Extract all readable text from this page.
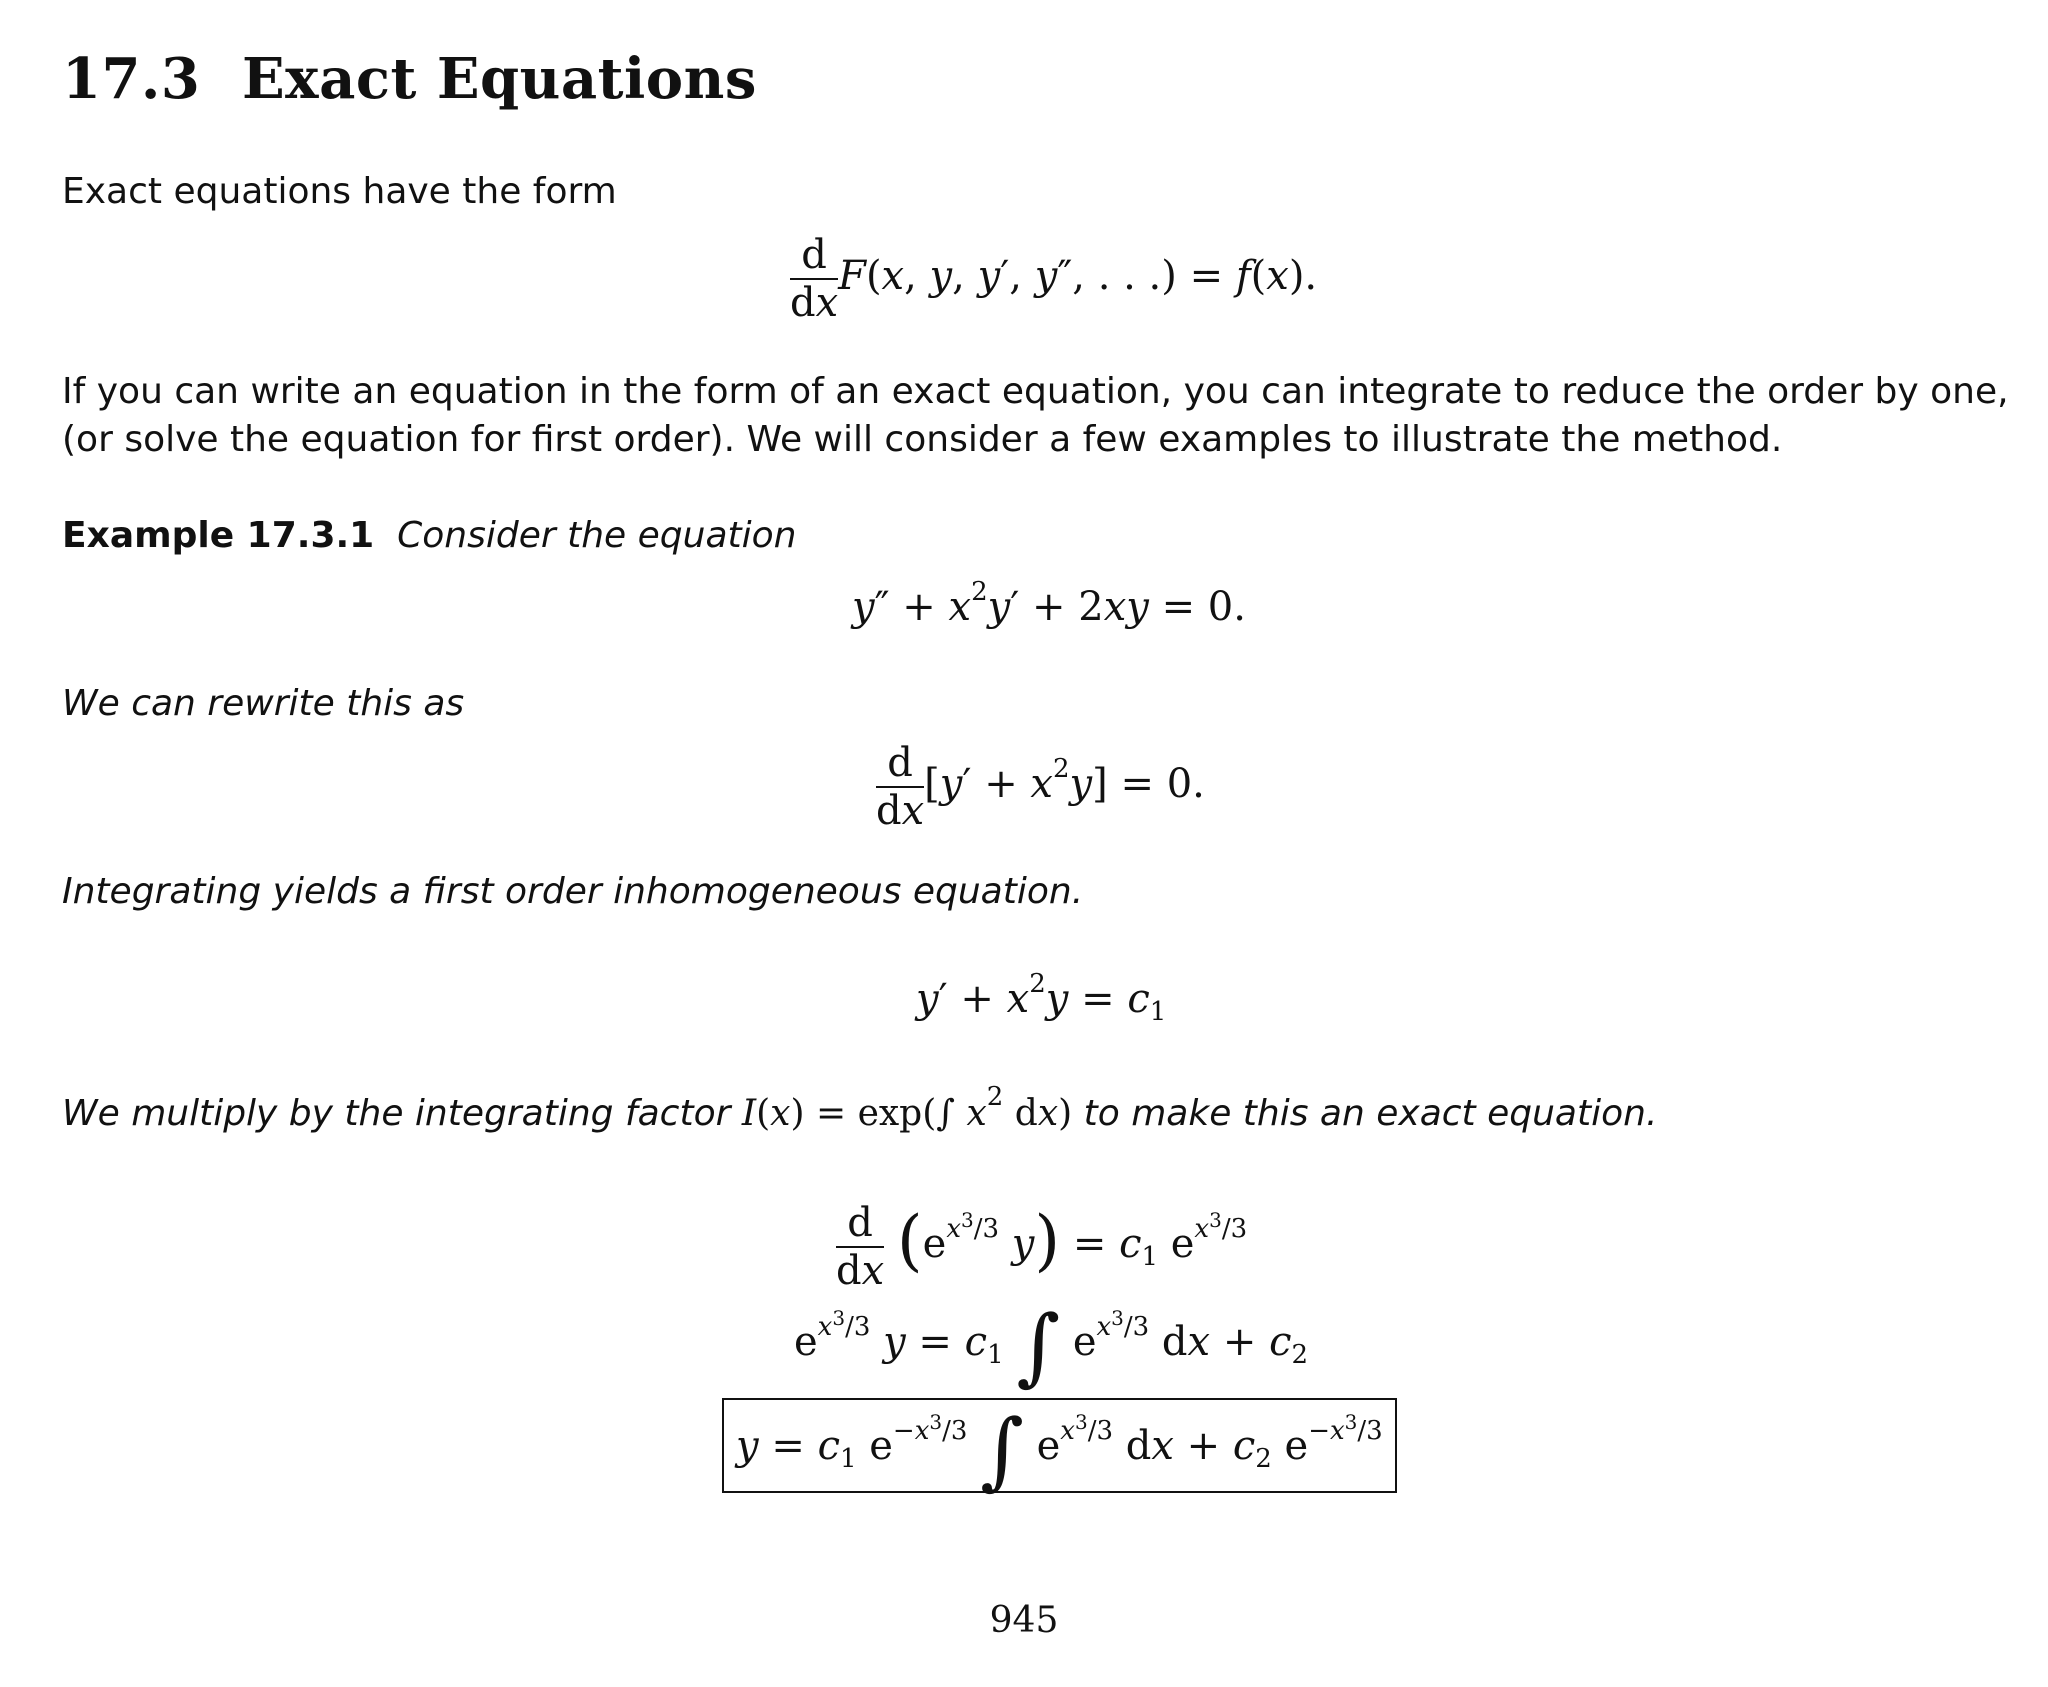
17.3 Exact Equations
Exact equations have the form
$\frac{d}{dx} F(x$, y, y′, y″, . . .) = f(x).
If you can write an equation in the form of an exact equation, you can integrate to reduce the order by one, (or solve the equation for first order). We will consider a few examples to illustrate the method.
Example 17.3.1 Consider the equation
$y'' + x^2y' + 2xy = 0$.
We can rewrite this as
$\frac{d}{dx} [y' + x^2y] = 0$.
Integrating yields a first order inhomogeneous equation.
$y' + x^2y = c_1$
We multiply by the integrating factor I(x) = exp(∫ $x^2$ dx) to make this an exact equation.
$\frac{d}{dx} (e^{x^3/3}$ $y) = c_1$ $e^{x^3/3}$
$e^{x^3/3}$ $y = c_1$ ∫ $e^{x^3/3}$ dx + $c_2$
$y = c_1$ $e^{-x^3/3}$ ∫ $e^{x^3/3}$ dx + $c_2$ $e^{-x^3/3}$
945
